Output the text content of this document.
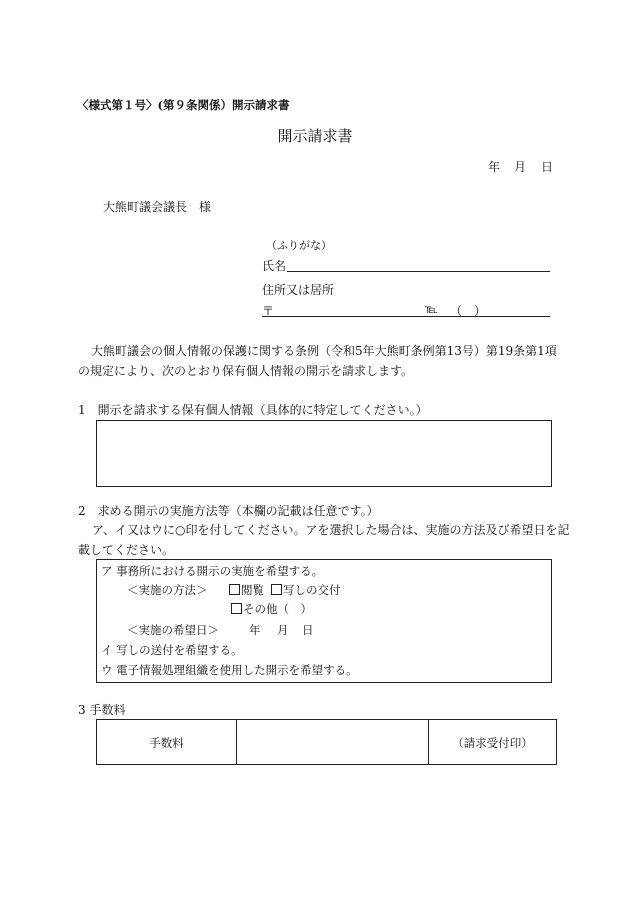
〈様式第１号〉(第９条関係）開示請求書
開示請求書
年 月 日
大熊町議会議長　様
（ふりがな）
氏名
住所又は居所
〒	℡ （　）
大熊町議会の個人情報の保護に関する条例（令和5年大熊町条例第13号）第19条第1項
の規定により、次のとおり保有個人情報の開示を請求します。
1　開示を請求する保有個人情報（具体的に特定してください。）
2　求める開示の実施方法等（本欄の記載は任意です。）
ア、イ又はウに○印を付してください。アを選択した場合は、実施の方法及び希望日を記
載してください。
ア 事務所における開示の実施を希望する。
＜実施の方法＞	閲覧	写しの交付
その他（　）
＜実施の希望日＞	年 月 日
イ 写しの送付を希望する。
ウ 電子情報処理組織を使用した開示を希望する。
3 手数料
手数料	（請求受付印）
